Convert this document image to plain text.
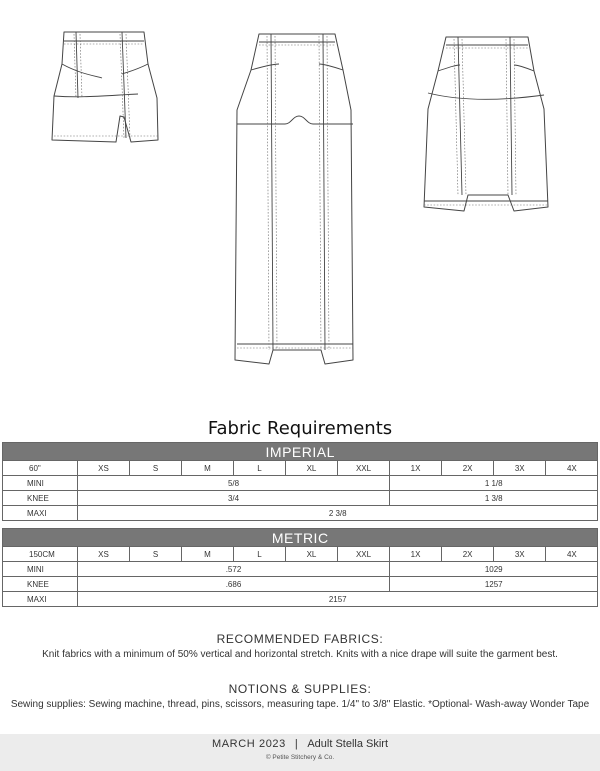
Fabric Requirements
IMPERIAL										
60"	XS	S	M	L	XL	XXL	1X	2X	3X	4X
MINI	5/8						1 1/8			
KNEE	3/4						1 3/8			
MAXI	2 3/8									
METRIC										
150CM	XS	S	M	L	XL	XXL	1X	2X	3X	4X
MINI	.572						1029			
KNEE	.686						1257			
MAXI	2157									
RECOMMENDED FABRICS:

Knit fabrics with a minimum of 50% vertical and horizontal stretch. Knits with a nice drape will suite the garment best.

NOTIONS & SUPPLIES:

Sewing supplies: Sewing machine, thread, pins, scissors, measuring tape. 1/4" to 3/8" Elastic. *Optional- Wash-away Wonder Tape

MARCH 2023 | Adult Stella Skirt
© Petite Stitchery & Co.
